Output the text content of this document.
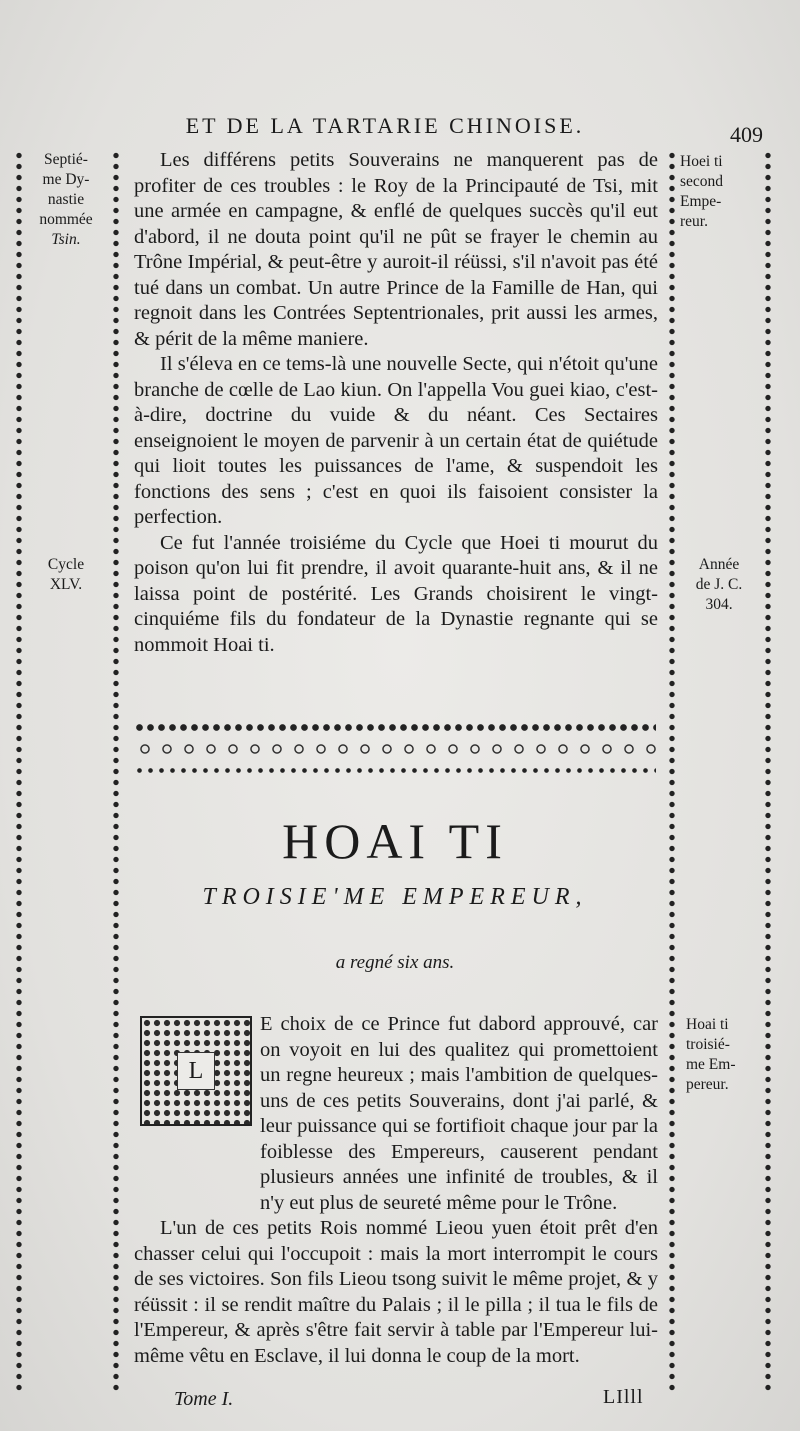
ET DE LA TARTARIE CHINOISE.	409
Septié-
me Dy-
nastie
nommée
Tsin.
Cycle
XLV.
Hoei ti
second
Empe-
reur.
Année
de J. C.
304.
Hoai ti
troisié-
me Em-
pereur.

Les différens petits Souverains ne manquerent pas de profiter de ces troubles : le Roy de la Principauté de Tsi, mit une armée en campagne, & enflé de quelques succès qu'il eut d'abord, il ne douta point qu'il ne pût se frayer le chemin au Trône Impérial, & peut-être y auroit-il réüssi, s'il n'avoit pas été tué dans un combat. Un autre Prince de la Famille de Han, qui regnoit dans les Contrées Septentrionales, prit aussi les armes, & périt de la même maniere.

Il s'éleva en ce tems-là une nouvelle Secte, qui n'étoit qu'une branche de cœlle de Lao kiun. On l'appella Vou guei kiao, c'est-à-dire, doctrine du vuide & du néant. Ces Sectaires enseignoient le moyen de parvenir à un certain état de quiétude qui lioit toutes les puissances de l'ame, & suspendoit les fonctions des sens ; c'est en quoi ils faisoient consister la perfection.

Ce fut l'année troisiéme du Cycle que Hoei ti mourut du poison qu'on lui fit prendre, il avoit quarante-huit ans, & il ne laissa point de postérité. Les Grands choisirent le vingt-cinquiéme fils du fondateur de la Dynastie regnante qui se nommoit Hoai ti.

HOAI TI
TROISIE'ME EMPEREUR,
a regné six ans.
L

E choix de ce Prince fut dabord approuvé, car on voyoit en lui des qualitez qui promettoient un regne heureux ; mais l'ambition de quelques-uns de ces petits Souverains, dont j'ai parlé, & leur puissance qui se fortifioit chaque jour par la foiblesse des Empereurs, causerent pendant plusieurs années une infinité de troubles, & il n'y eut plus de seureté même pour le Trône.

L'un de ces petits Rois nommé Lieou yuen étoit prêt d'en chasser celui qui l'occupoit : mais la mort interrompit le cours de ses victoires. Son fils Lieou tsong suivit le même projet, & y réüssit : il se rendit maître du Palais ; il le pilla ; il tua le fils de l'Empereur, & après s'être fait servir à table par l'Empereur lui-même vêtu en Esclave, il lui donna le coup de la mort.

Tome I.	LIlll
